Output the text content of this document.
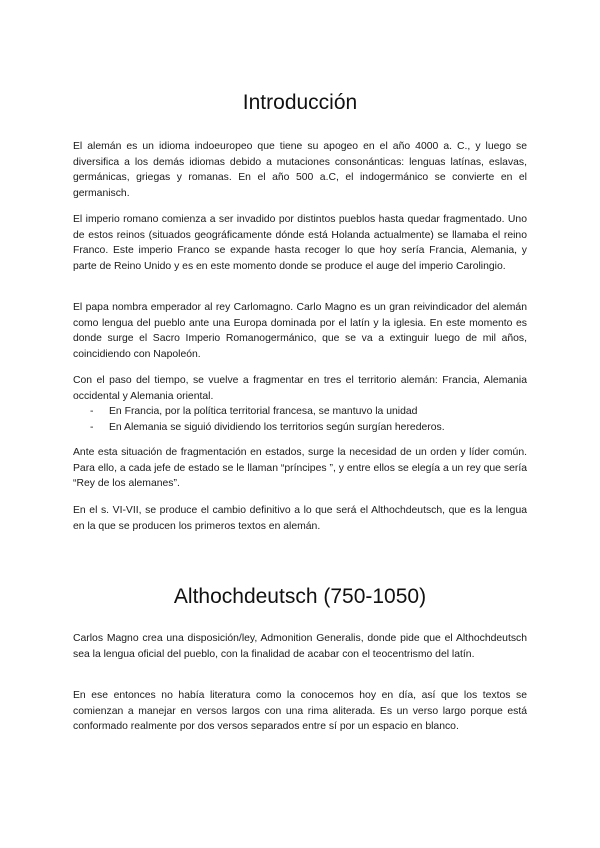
Introducción

El alemán es un idioma indoeuropeo que tiene su apogeo en el año 4000 a. C., y luego se diversifica a los demás idiomas debido a mutaciones consonánticas: lenguas latínas, eslavas, germánicas, griegas y romanas. En el año 500 a.C, el indogermánico se convierte en el germanisch.

El imperio romano comienza a ser invadido por distintos pueblos hasta quedar fragmentado. Uno de estos reinos (situados geográficamente dónde está Holanda actualmente) se llamaba el reino Franco. Este imperio Franco se expande hasta recoger lo que hoy sería Francia, Alemania, y parte de Reino Unido y es en este momento donde se produce el auge del imperio Carolingio.

El papa nombra emperador al rey Carlomagno. Carlo Magno es un gran reivindicador del alemán como lengua del pueblo ante una Europa dominada por el latín y la iglesia. En este momento es donde surge el Sacro Imperio Romanogermánico, que se va a extinguir luego de mil años, coincidiendo con Napoleón.

Con el paso del tiempo, se vuelve a fragmentar en tres el territorio alemán: Francia, Alemania occidental y Alemania oriental.

- En Francia, por la política territorial francesa, se mantuvo la unidad
- En Alemania se siguió dividiendo los territorios según surgían herederos.

Ante esta situación de fragmentación en estados, surge la necesidad de un orden y líder común. Para ello, a cada jefe de estado se le llaman “príncipes ”, y entre ellos se elegía a un rey que sería “Rey de los alemanes”.

En el s. VI-VII, se produce el cambio definitivo a lo que será el Althochdeutsch, que es la lengua en la que se producen los primeros textos en alemán.

Althochdeutsch (750-1050)

Carlos Magno crea una disposición/ley, Admonition Generalis, donde pide que el Althochdeutsch sea la lengua oficial del pueblo, con la finalidad de acabar con el teocentrismo del latín.

En ese entonces no había literatura como la conocemos hoy en día, así que los textos se comienzan a manejar en versos largos con una rima aliterada. Es un verso largo porque está conformado realmente por dos versos separados entre sí por un espacio en blanco.
